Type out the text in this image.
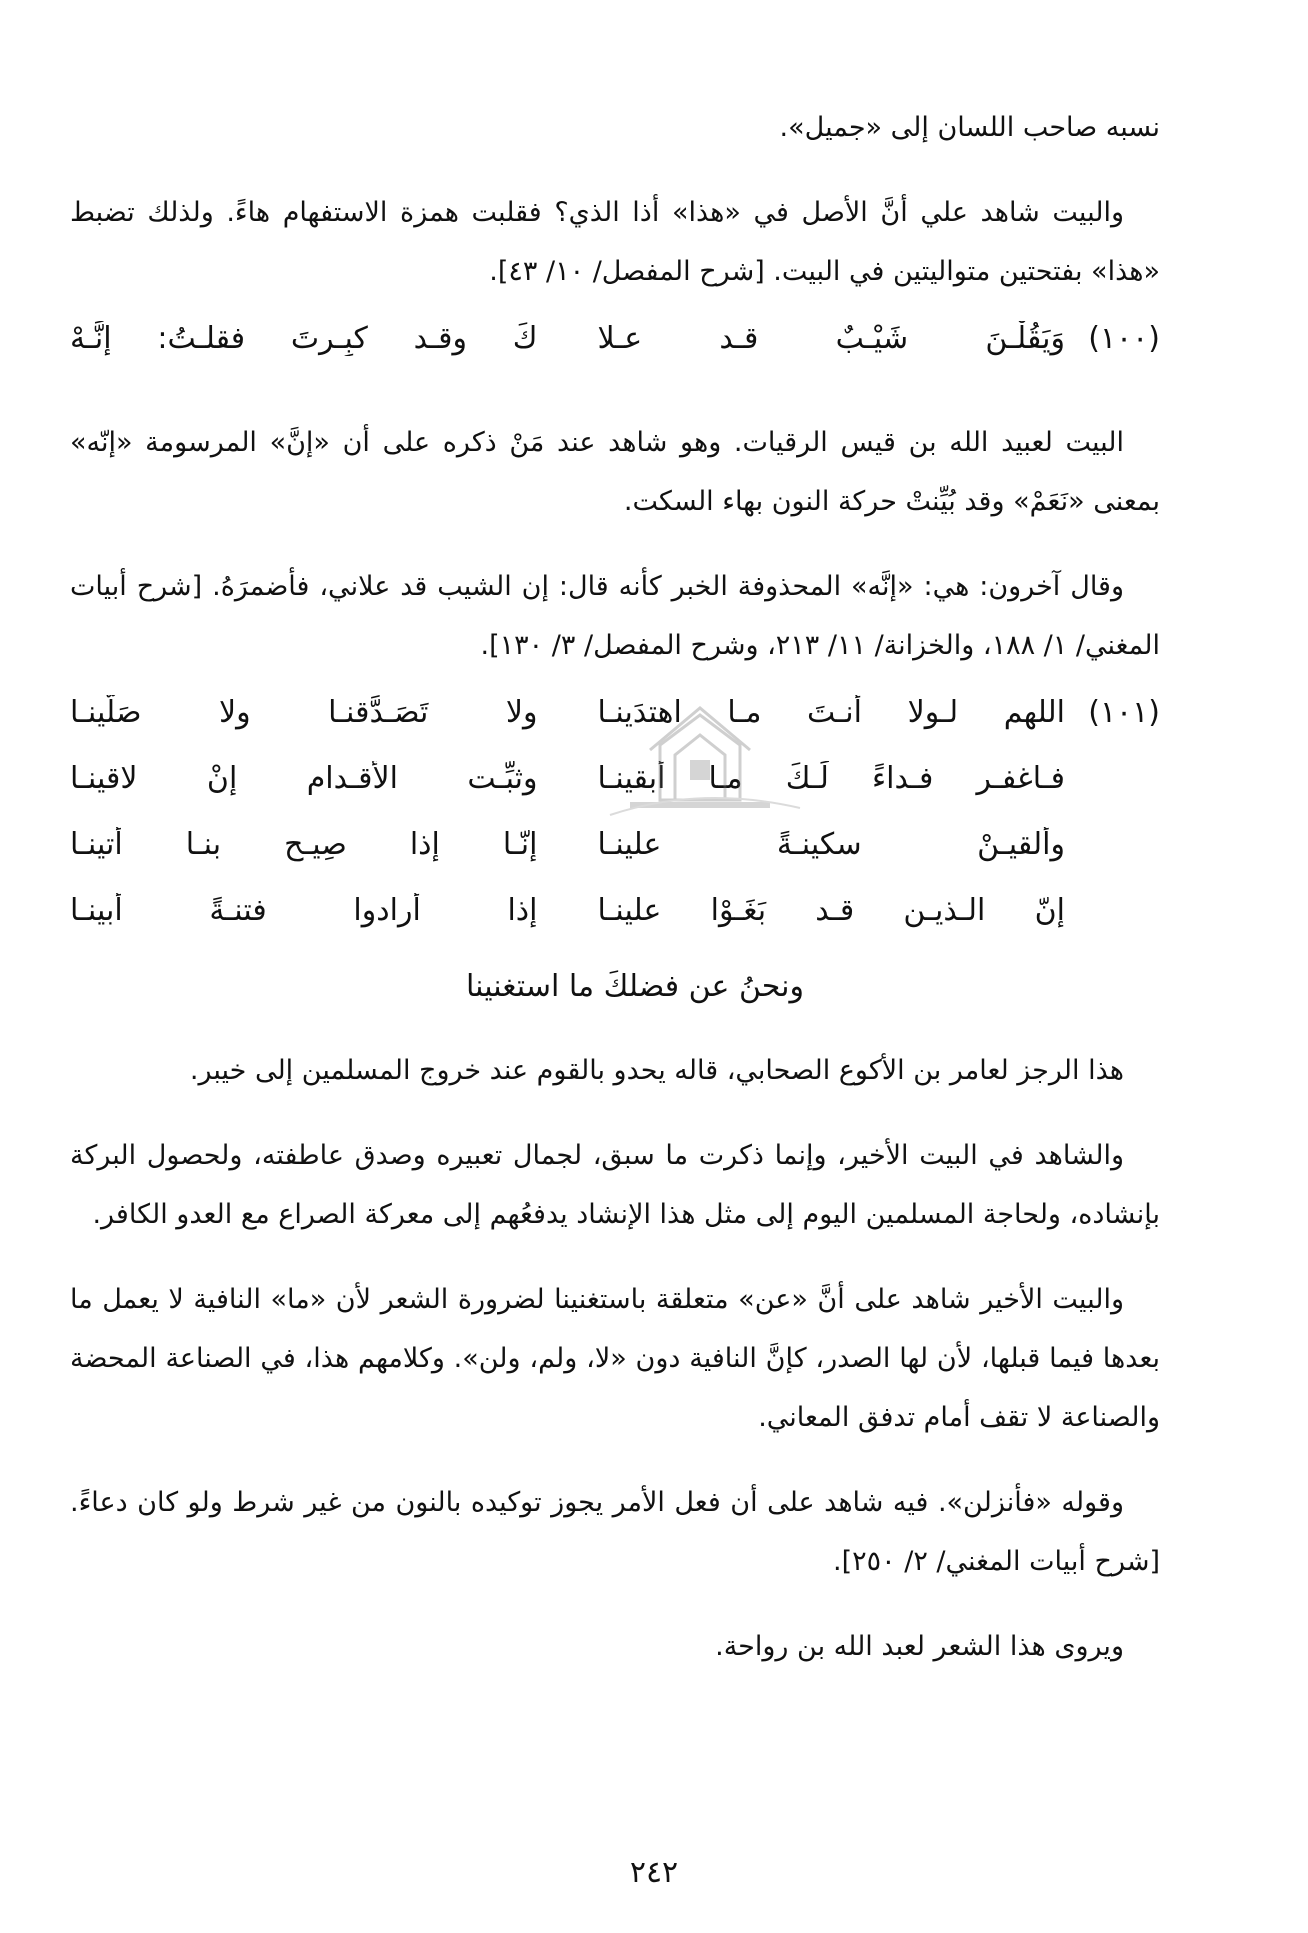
نسبه صاحب اللسان إلى «جميل».

والبيت شاهد علي أنَّ الأصل في «هذا» أذا الذي؟ فقلبت همزة الاستفهام هاءً. ولذلك تضبط «هذا» بفتحتين متواليتين في البيت. [شرح المفصل/ ١٠/ ٤٣].

(١٠٠)
وَيَقُلْـنَ شَيْـبٌ قـد عـلا
كَ وقـد كبِـرتَ فقلـتُ: إنَّـهْ

البيت لعبيد الله بن قيس الرقيات. وهو شاهد عند مَنْ ذكره على أن «إنَّ» المرسومة «إنّه» بمعنى «نَعَمْ» وقد بُيِّنتْ حركة النون بهاء السكت.

وقال آخرون: هي: «إنَّه» المحذوفة الخبر كأنه قال: إن الشيب قد علاني، فأضمرَهُ. [شرح أبيات المغني/ ١/ ١٨٨، والخزانة/ ١١/ ٢١٣، وشرح المفصل/ ٣/ ١٣٠].

(١٠١)
اللهم لـولا أنـتَ مـا اهتدَينـا
ولا تَصَـدَّقنـا ولا صَلَّينـا
فـاغفـر فـداءً لَـكَ مـا أبقينـا
وثبِّـت الأقـدام إنْ لاقينـا
وألقيـنْ سكينـةً علينـا
إنّـا إذا صِيـح بنـا أتينـا
إنّ الـذيـن قـد بَغَـوْا علينـا
إذا أرادوا فتنـةً أبينـا
ونحنُ عن فضلكَ ما استغنينا

هذا الرجز لعامر بن الأكوع الصحابي، قاله يحدو بالقوم عند خروج المسلمين إلى خيبر.

والشاهد في البيت الأخير، وإنما ذكرت ما سبق، لجمال تعبيره وصدق عاطفته، ولحصول البركة بإنشاده، ولحاجة المسلمين اليوم إلى مثل هذا الإنشاد يدفعُهم إلى معركة الصراع مع العدو الكافر.

والبيت الأخير شاهد على أنَّ «عن» متعلقة باستغنينا لضرورة الشعر لأن «ما» النافية لا يعمل ما بعدها فيما قبلها، لأن لها الصدر، كإنَّ النافية دون «لا، ولم، ولن». وكلامهم هذا، في الصناعة المحضة والصناعة لا تقف أمام تدفق المعاني.

وقوله «فأنزلن». فيه شاهد على أن فعل الأمر يجوز توكيده بالنون من غير شرط ولو كان دعاءً. [شرح أبيات المغني/ ٢/ ٢٥٠].

ويروى هذا الشعر لعبد الله بن رواحة.

٢٤٢
